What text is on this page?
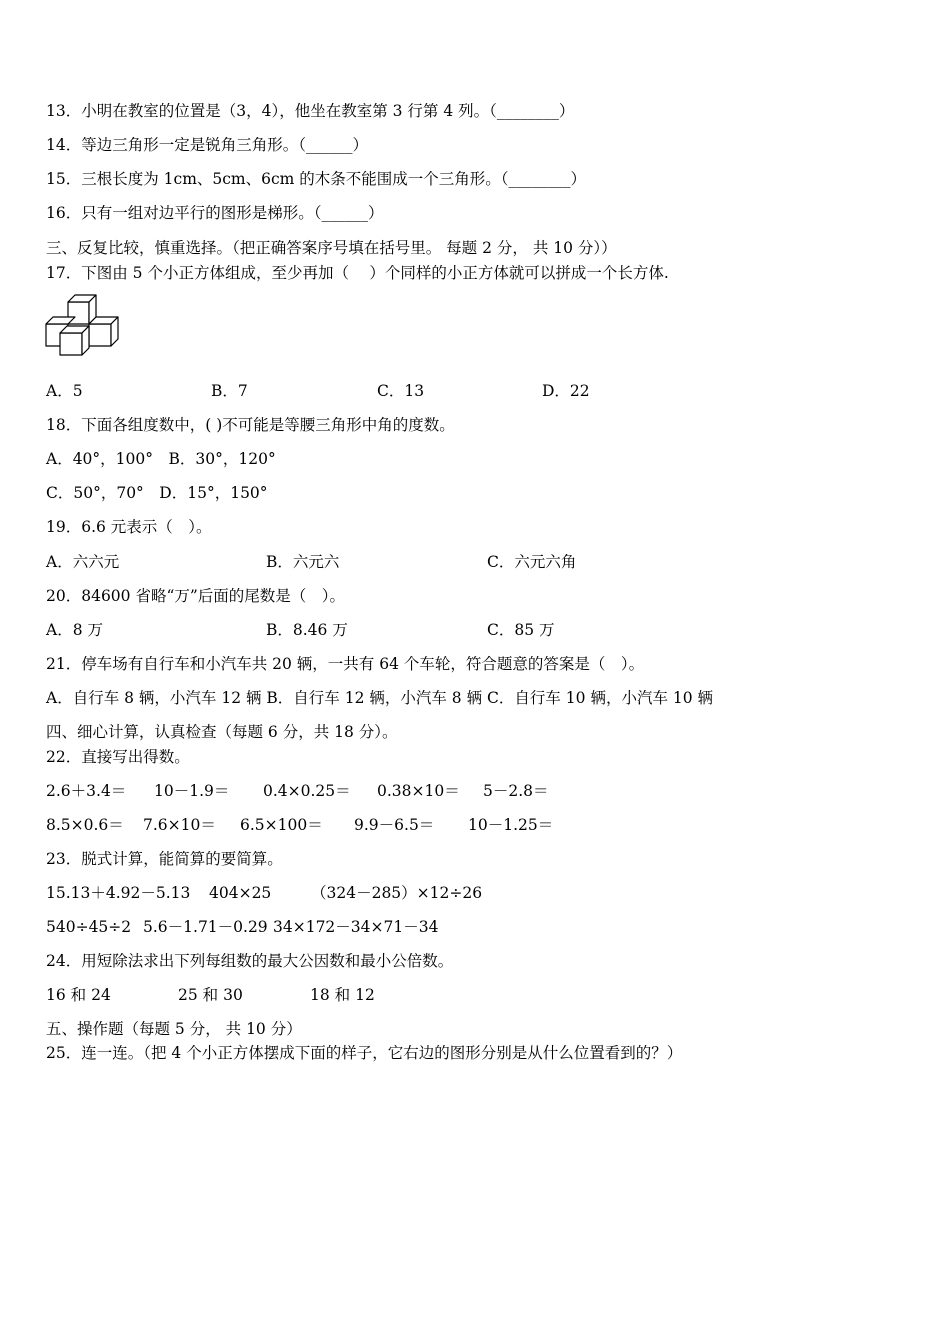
13．小明在教室的位置是（3，4），他坐在教室第 3 行第 4 列。（________）
14．等边三角形一定是锐角三角形。（______）
15．三根长度为 1cm、5cm、6cm 的木条不能围成一个三角形。（________）
16．只有一组对边平行的图形是梯形。（______）
三、反复比较，慎重选择。（把正确答案序号填在括号里。 每题 2 分， 共 10 分））
17．下图由 5 个小正方体组成，至少再加（　 ）个同样的小正方体就可以拼成一个长方体.
A．5	B．7	C．13	D．22
18．下面各组度数中，( )不可能是等腰三角形中角的度数。
A．40°，100°　B．30°，120°
C．50°，70°　D．15°，150°
19．6.6 元表示（　）。
A．六六元	B．六元六	C．六元六角
20．84600 省略“万”后面的尾数是（　）。
A．8 万	B．8.46 万	C．85 万
21．停车场有自行车和小汽车共 20 辆，一共有 64 个车轮，符合题意的答案是（　）。
A．自行车 8 辆，小汽车 12 辆 B．自行车 12 辆，小汽车 8 辆 C．自行车 10 辆，小汽车 10 辆
四、细心计算，认真检查（每题 6 分，共 18 分）。
22．直接写出得数。
2.6＋3.4＝ 10－1.9＝ 0.4×0.25＝ 0.38×10＝ 5－2.8＝
8.5×0.6＝ 7.6×10＝ 6.5×100＝ 9.9－6.5＝ 10－1.25＝
23．脱式计算，能简算的要简算。
15.13＋4.92－5.13 404×25	（324－285）×12÷26
540÷45÷2 5.6－1.71－0.29 34×172－34×71－34
24．用短除法求出下列每组数的最大公因数和最小公倍数。
16 和 24	25 和 30	18 和 12
五、操作题（每题 5 分， 共 10 分）
25．连一连。（把 4 个小正方体摆成下面的样子，它右边的图形分别是从什么位置看到的？）
